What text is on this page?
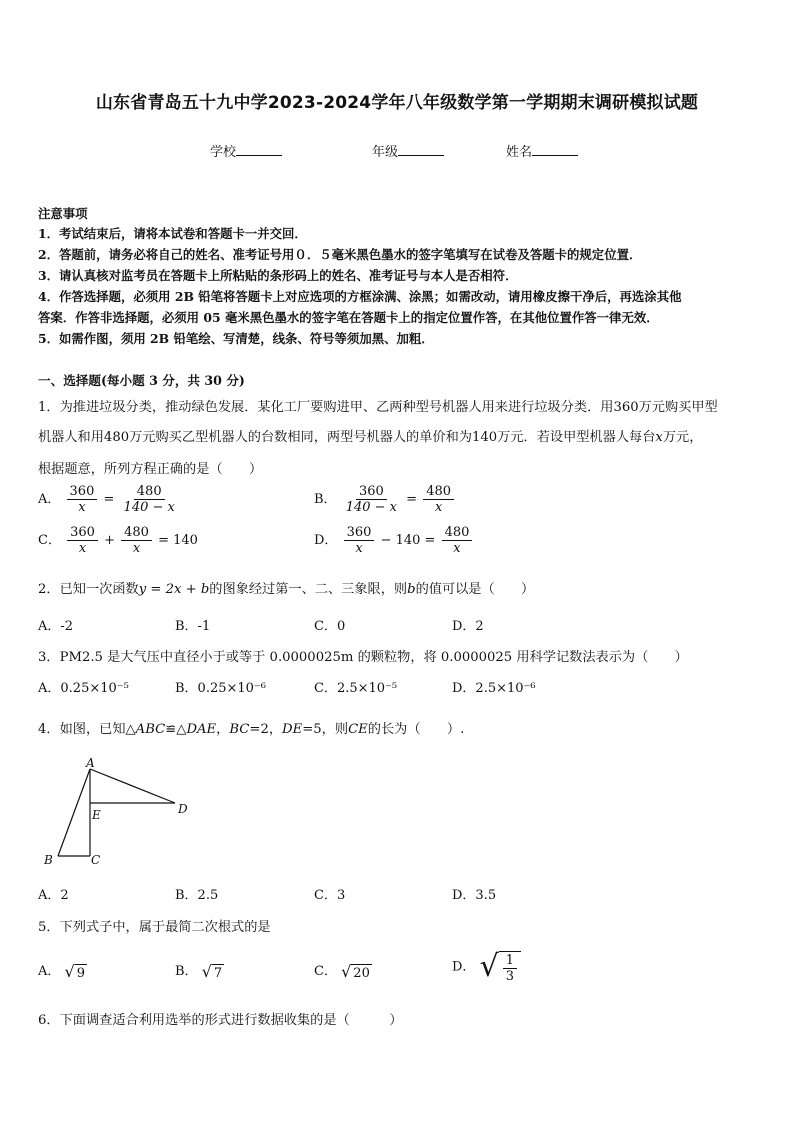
山东省青岛五十九中学2023-2024学年八年级数学第一学期期末调研模拟试题
学校	年级	姓名
注意事项
1．考试结束后，请将本试卷和答题卡一并交回．
2．答题前，请务必将自己的姓名、准考证号用０．５毫米黑色墨水的签字笔填写在试卷及答题卡的规定位置．
3．请认真核对监考员在答题卡上所粘贴的条形码上的姓名、准考证号与本人是否相符．
4．作答选择题，必须用 2B 铅笔将答题卡上对应选项的方框涂满、涂黑；如需改动，请用橡皮擦干净后，再选涂其他
答案．作答非选择题，必须用 05 毫米黑色墨水的签字笔在答题卡上的指定位置作答，在其他位置作答一律无效．
5．如需作图，须用 2B 铅笔绘、写清楚，线条、符号等须加黑、加粗．
一、选择题(每小题 3 分，共 30 分)
1．为推进垃圾分类，推动绿色发展．某化工厂要购进甲、乙两种型号机器人用来进行垃圾分类．用360万元购买甲型
机器人和用480万元购买乙型机器人的台数相同，两型号机器人的单价和为140万元．若设甲型机器人每台x万元，
根据题意，所列方程正确的是（　　）
A． $\frac{360}{x} = \frac{480}{140 - x}$	B． $\frac{360}{140 - x} = \frac{480}{x}$
C． $\frac{360}{x} + \frac{480}{x} = 140$	D． $\frac{360}{x} - 140 = \frac{480}{x}$
2．已知一次函数y = 2x + b的图象经过第一、二、三象限，则b的值可以是（　　）
A．-2	B．-1	C．0	D．2
3．PM2.5 是大气压中直径小于或等于 0.0000025m 的颗粒物，将 0.0000025 用科学记数法表示为（　　）
A．0.25×10⁻⁵	B．0.25×10⁻⁶	C．2.5×10⁻⁵	D．2.5×10⁻⁶
4．如图，已知△ABC≌△DAE，BC=2，DE=5，则CE的长为（　　）.
A
B	C
D
E
A．2	B．2.5	C．3	D．3.5
5．下列式子中，属于最简二次根式的是
A． √ 9	B． √ 7	C． √ 20	D． √ $\frac{1}{3}$
6．下面调查适合利用选举的形式进行数据收集的是（　　　）
